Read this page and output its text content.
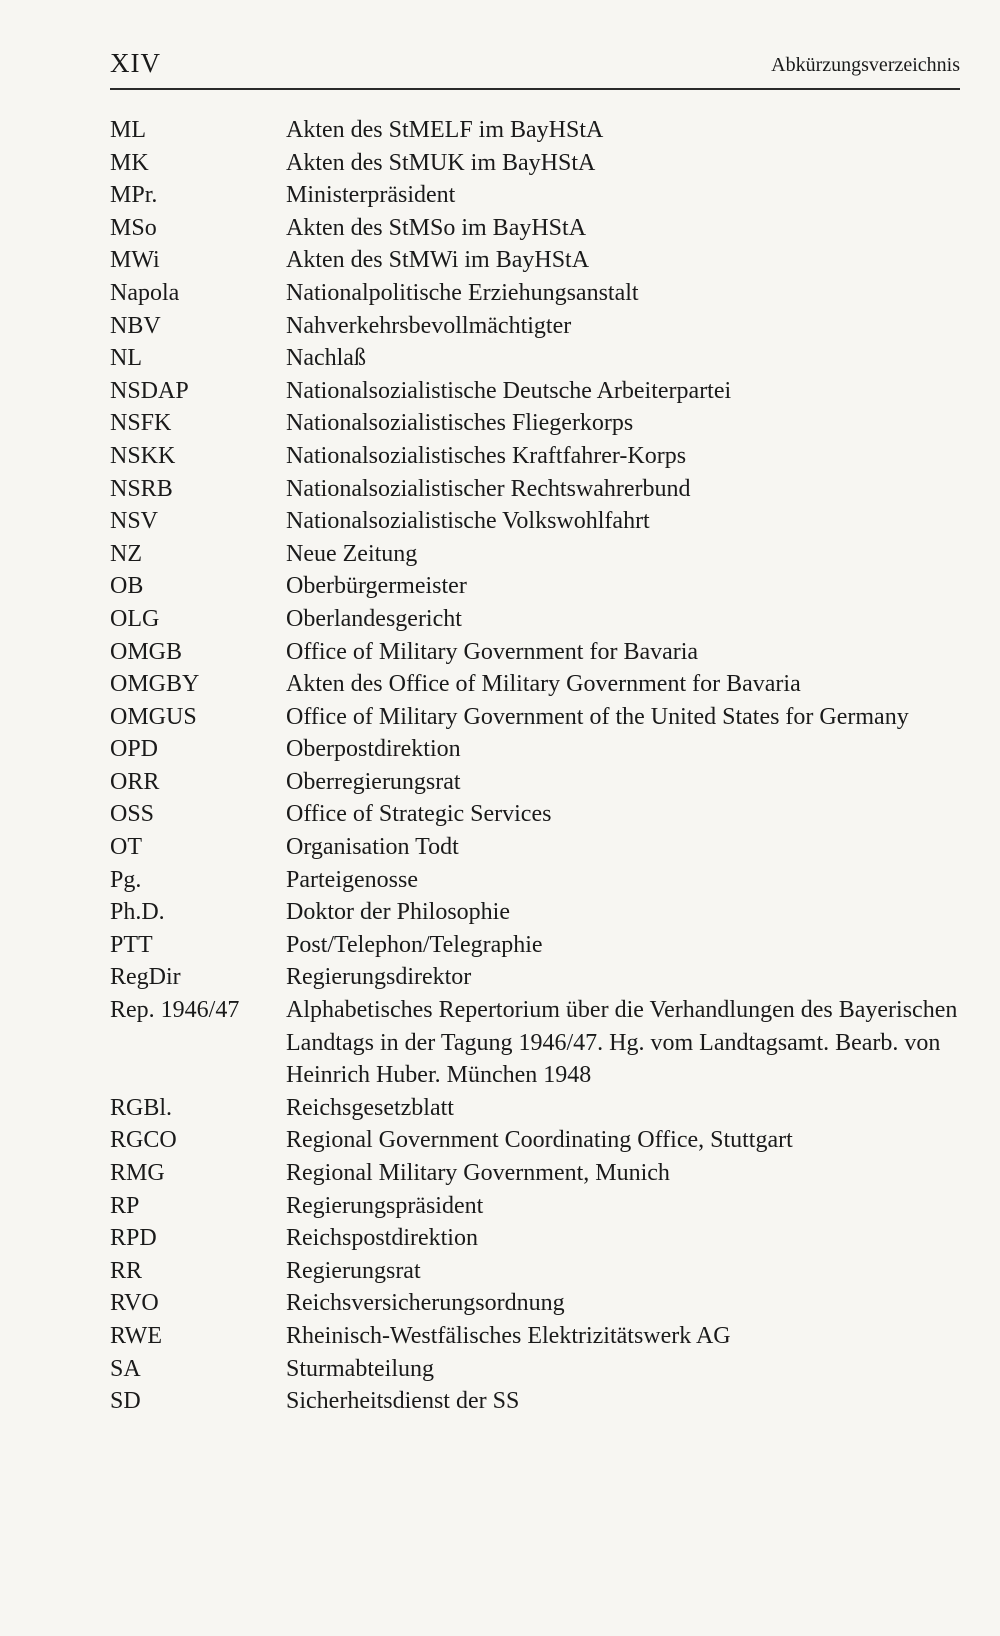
XIV	Abkürzungsverzeichnis
ML	Akten des StMELF im BayHStA
MK	Akten des StMUK im BayHStA
MPr.	Ministerpräsident
MSo	Akten des StMSo im BayHStA
MWi	Akten des StMWi im BayHStA
Napola	Nationalpolitische Erziehungsanstalt
NBV	Nahverkehrsbevollmächtigter
NL	Nachlaß
NSDAP	Nationalsozialistische Deutsche Arbeiterpartei
NSFK	Nationalsozialistisches Fliegerkorps
NSKK	Nationalsozialistisches Kraftfahrer-Korps
NSRB	Nationalsozialistischer Rechtswahrerbund
NSV	Nationalsozialistische Volkswohlfahrt
NZ	Neue Zeitung
OB	Oberbürgermeister
OLG	Oberlandesgericht
OMGB	Office of Military Government for Bavaria
OMGBY	Akten des Office of Military Government for Bavaria
OMGUS	Office of Military Government of the United States for Germany
OPD	Oberpostdirektion
ORR	Oberregierungsrat
OSS	Office of Strategic Services
OT	Organisation Todt
Pg.	Parteigenosse
Ph.D.	Doktor der Philosophie
PTT	Post/Telephon/Telegraphie
RegDir	Regierungsdirektor
Rep. 1946/47	Alphabetisches Repertorium über die Verhandlungen des Bayerischen Landtags in der Tagung 1946/47. Hg. vom Landtagsamt. Bearb. von Heinrich Huber. München 1948
RGBl.	Reichsgesetzblatt
RGCO	Regional Government Coordinating Office, Stuttgart
RMG	Regional Military Government, Munich
RP	Regierungspräsident
RPD	Reichspostdirektion
RR	Regierungsrat
RVO	Reichsversicherungsordnung
RWE	Rheinisch-Westfälisches Elektrizitätswerk AG
SA	Sturmabteilung
SD	Sicherheitsdienst der SS
